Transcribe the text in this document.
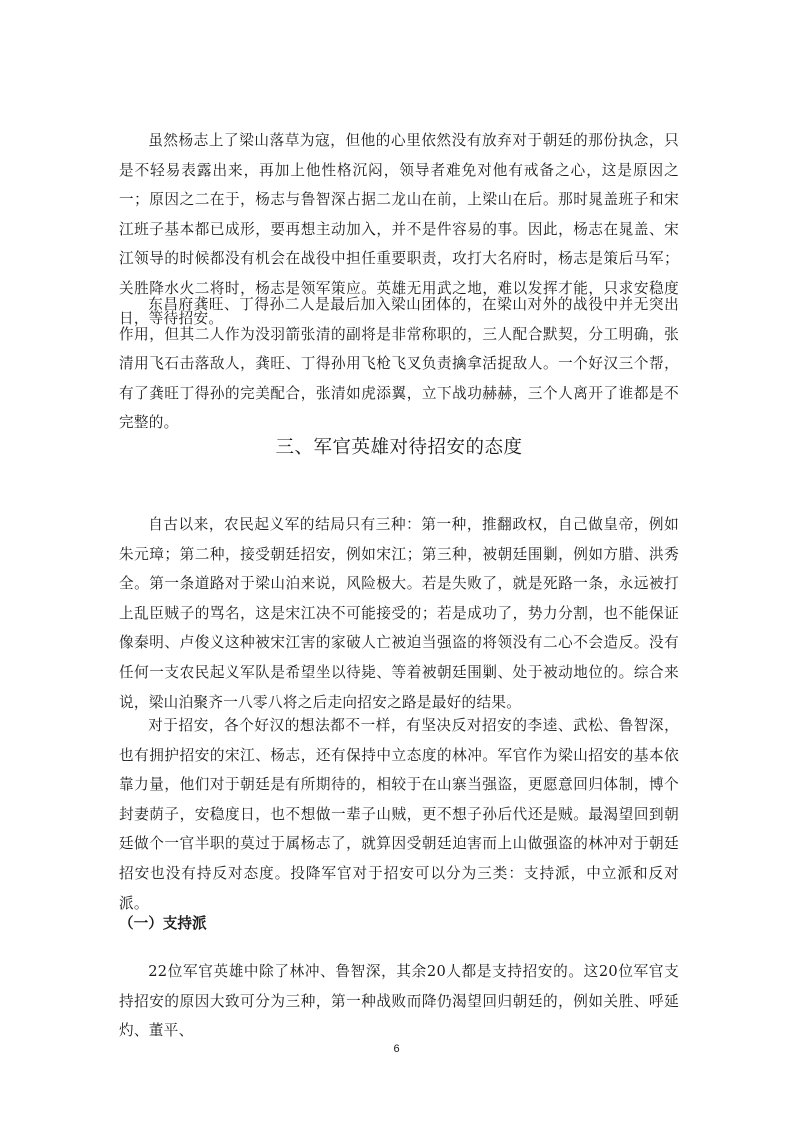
虽然杨志上了梁山落草为寇，但他的心里依然没有放弃对于朝廷的那份执念，只是不轻易表露出来，再加上他性格沉闷，领导者难免对他有戒备之心，这是原因之一；原因之二在于，杨志与鲁智深占据二龙山在前，上梁山在后。那时晁盖班子和宋江班子基本都已成形，要再想主动加入，并不是件容易的事。因此，杨志在晁盖、宋江领导的时候都没有机会在战役中担任重要职责，攻打大名府时，杨志是策后马军；关胜降水火二将时，杨志是领军策应。英雄无用武之地，难以发挥才能，只求安稳度日，等待招安。

东昌府龚旺、丁得孙二人是最后加入梁山团体的，在梁山对外的战役中并无突出作用，但其二人作为没羽箭张清的副将是非常称职的，三人配合默契，分工明确，张清用飞石击落敌人，龚旺、丁得孙用飞枪飞叉负责擒拿活捉敌人。一个好汉三个帮，有了龚旺丁得孙的完美配合，张清如虎添翼，立下战功赫赫，三个人离开了谁都是不完整的。

三、军官英雄对待招安的态度

自古以来，农民起义军的结局只有三种：第一种，推翻政权，自己做皇帝，例如朱元璋；第二种，接受朝廷招安，例如宋江；第三种，被朝廷围剿，例如方腊、洪秀全。第一条道路对于梁山泊来说，风险极大。若是失败了，就是死路一条，永远被打上乱臣贼子的骂名，这是宋江决不可能接受的；若是成功了，势力分割，也不能保证像秦明、卢俊义这种被宋江害的家破人亡被迫当强盗的将领没有二心不会造反。没有任何一支农民起义军队是希望坐以待毙、等着被朝廷围剿、处于被动地位的。综合来说，梁山泊聚齐一八零八将之后走向招安之路是最好的结果。

对于招安，各个好汉的想法都不一样，有坚决反对招安的李逵、武松、鲁智深，也有拥护招安的宋江、杨志，还有保持中立态度的林冲。军官作为梁山招安的基本依靠力量，他们对于朝廷是有所期待的，相较于在山寨当强盗，更愿意回归体制，博个封妻荫子，安稳度日，也不想做一辈子山贼，更不想子孙后代还是贼。最渴望回到朝廷做个一官半职的莫过于属杨志了，就算因受朝廷迫害而上山做强盗的林冲对于朝廷招安也没有持反对态度。投降军官对于招安可以分为三类：支持派，中立派和反对派。

（一）支持派

22位军官英雄中除了林冲、鲁智深，其余20人都是支持招安的。这20位军官支持招安的原因大致可分为三种，第一种战败而降仍渴望回归朝廷的，例如关胜、呼延灼、董平、

6
